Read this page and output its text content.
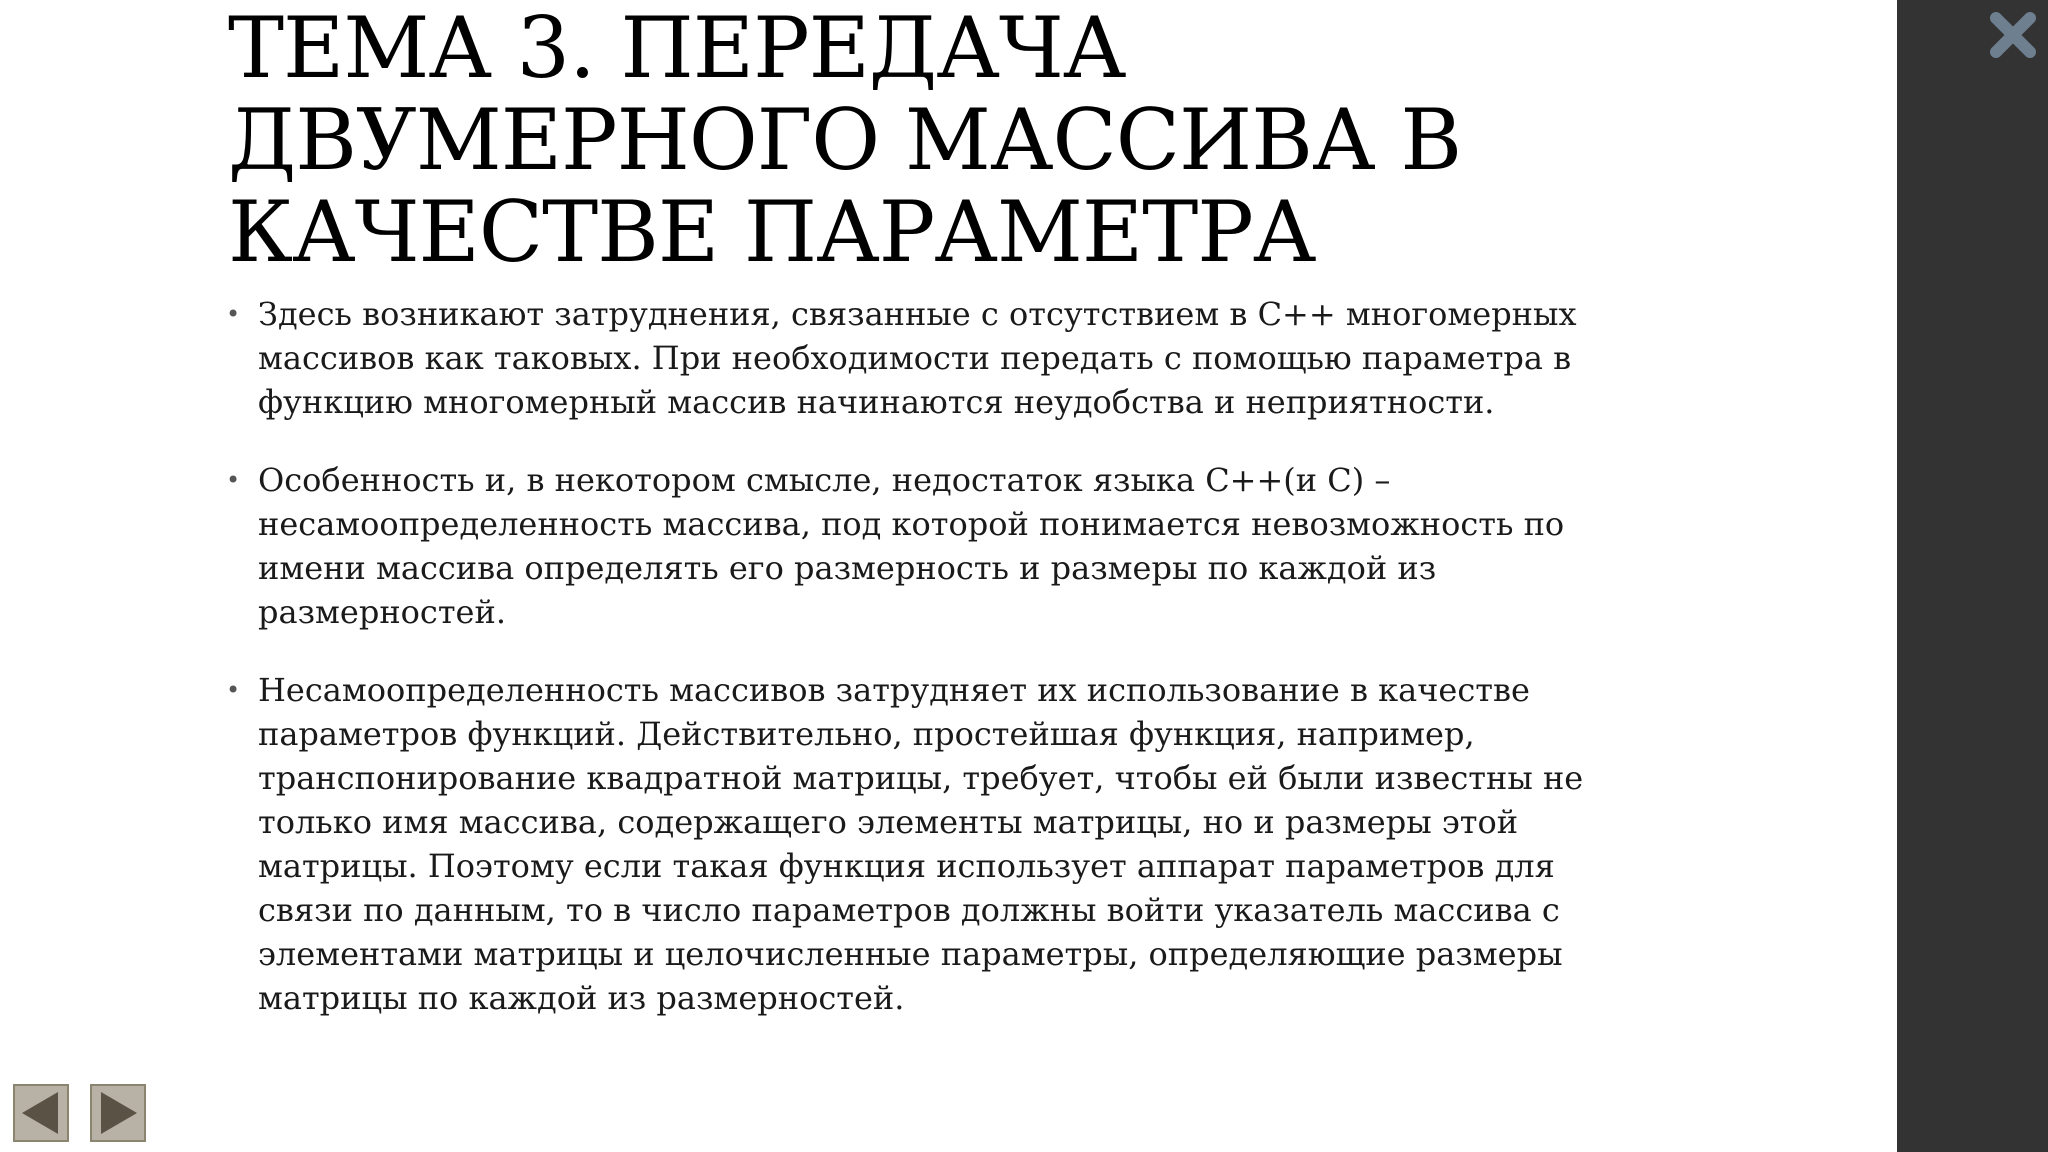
ТЕМА 3. ПЕРЕДАЧА ДВУМЕРНОГО МАССИВА В КАЧЕСТВЕ ПАРАМЕТРА
• Здесь возникают затруднения, связанные с отсутствием в С++ многомерных массивов как таковых. При необходимости передать с помощью параметра в функцию многомерный массив начинаются неудобства и неприятности.
• Особенность и, в некотором смысле, недостаток языка С++(и С) – несамоопределенность массива, под которой понимается невозможность по имени массива определять его размерность и размеры по каждой из размерностей.
• Несамоопределенность массивов затрудняет их использование в качестве параметров функций. Действительно, простейшая функция, например, транспонирование квадратной матрицы, требует, чтобы ей были известны не только имя массива, содержащего элементы матрицы, но и размеры этой матрицы. Поэтому если такая функция использует аппарат параметров для связи по данным, то в число параметров должны войти указатель массива с элементами матрицы и целочисленные параметры, определяющие размеры матрицы по каждой из размерностей.
